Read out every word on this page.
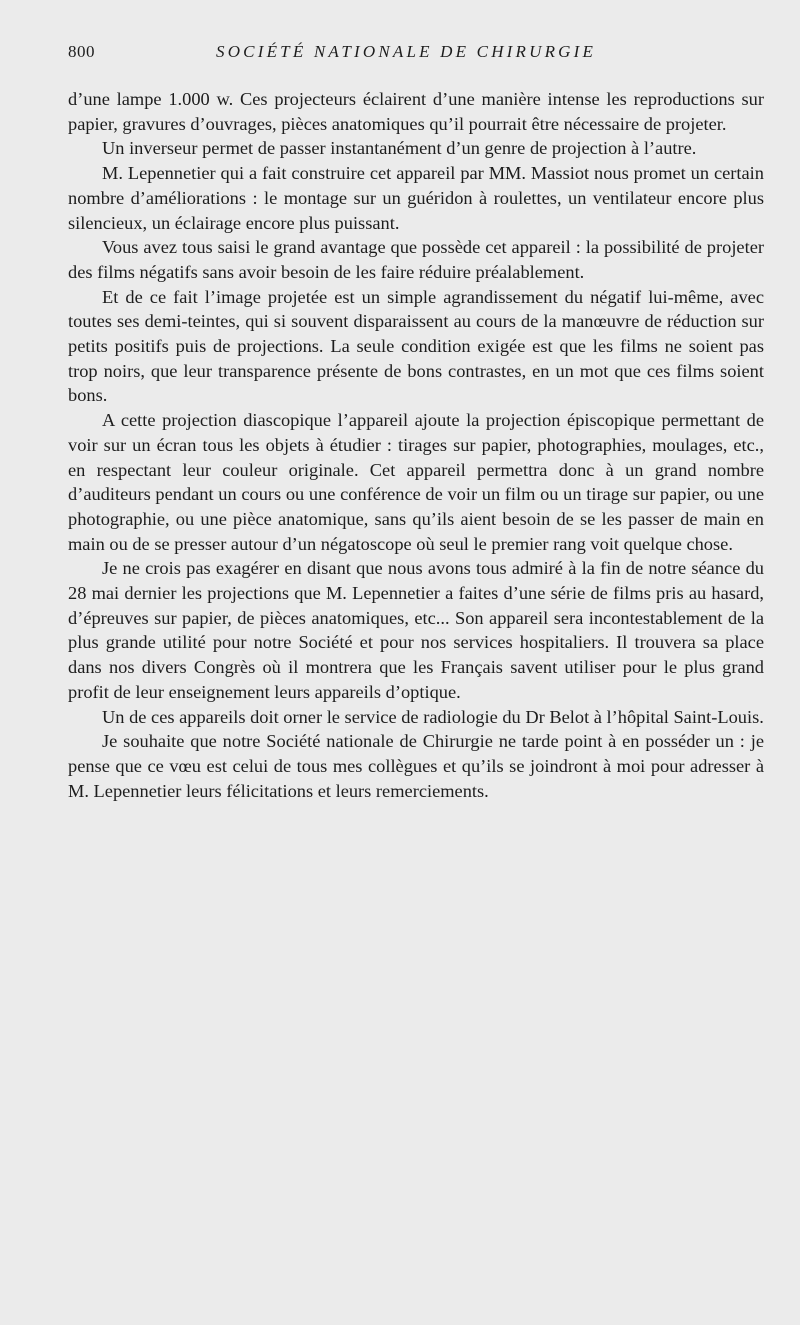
800	SOCIÉTÉ NATIONALE DE CHIRURGIE

d’une lampe 1.000 w. Ces projecteurs éclairent d’une manière intense les reproductions sur papier, gravures d’ouvrages, pièces anatomiques qu’il pourrait être nécessaire de projeter.

Un inverseur permet de passer instantanément d’un genre de projection à l’autre.

M. Lepennetier qui a fait construire cet appareil par MM. Massiot nous promet un certain nombre d’améliorations : le montage sur un guéridon à roulettes, un ventilateur encore plus silencieux, un éclairage encore plus puissant.

Vous avez tous saisi le grand avantage que possède cet appareil : la possibilité de projeter des films négatifs sans avoir besoin de les faire réduire préalablement.

Et de ce fait l’image projetée est un simple agrandissement du négatif lui-même, avec toutes ses demi-teintes, qui si souvent disparaissent au cours de la manœuvre de réduction sur petits positifs puis de projections. La seule condition exigée est que les films ne soient pas trop noirs, que leur transparence présente de bons contrastes, en un mot que ces films soient bons.

A cette projection diascopique l’appareil ajoute la projection épiscopique permettant de voir sur un écran tous les objets à étudier : tirages sur papier, photographies, moulages, etc., en respectant leur couleur originale. Cet appareil permettra donc à un grand nombre d’auditeurs pendant un cours ou une conférence de voir un film ou un tirage sur papier, ou une photographie, ou une pièce anatomique, sans qu’ils aient besoin de se les passer de main en main ou de se presser autour d’un négatoscope où seul le premier rang voit quelque chose.

Je ne crois pas exagérer en disant que nous avons tous admiré à la fin de notre séance du 28 mai dernier les projections que M. Lepennetier a faites d’une série de films pris au hasard, d’épreuves sur papier, de pièces anatomiques, etc... Son appareil sera incontestablement de la plus grande utilité pour notre Société et pour nos services hospitaliers. Il trouvera sa place dans nos divers Congrès où il montrera que les Français savent utiliser pour le plus grand profit de leur enseignement leurs appareils d’optique.

Un de ces appareils doit orner le service de radiologie du Dr Belot à l’hôpital Saint-Louis.

Je souhaite que notre Société nationale de Chirurgie ne tarde point à en posséder un : je pense que ce vœu est celui de tous mes collègues et qu’ils se joindront à moi pour adresser à M. Lepennetier leurs félicitations et leurs remerciements.
